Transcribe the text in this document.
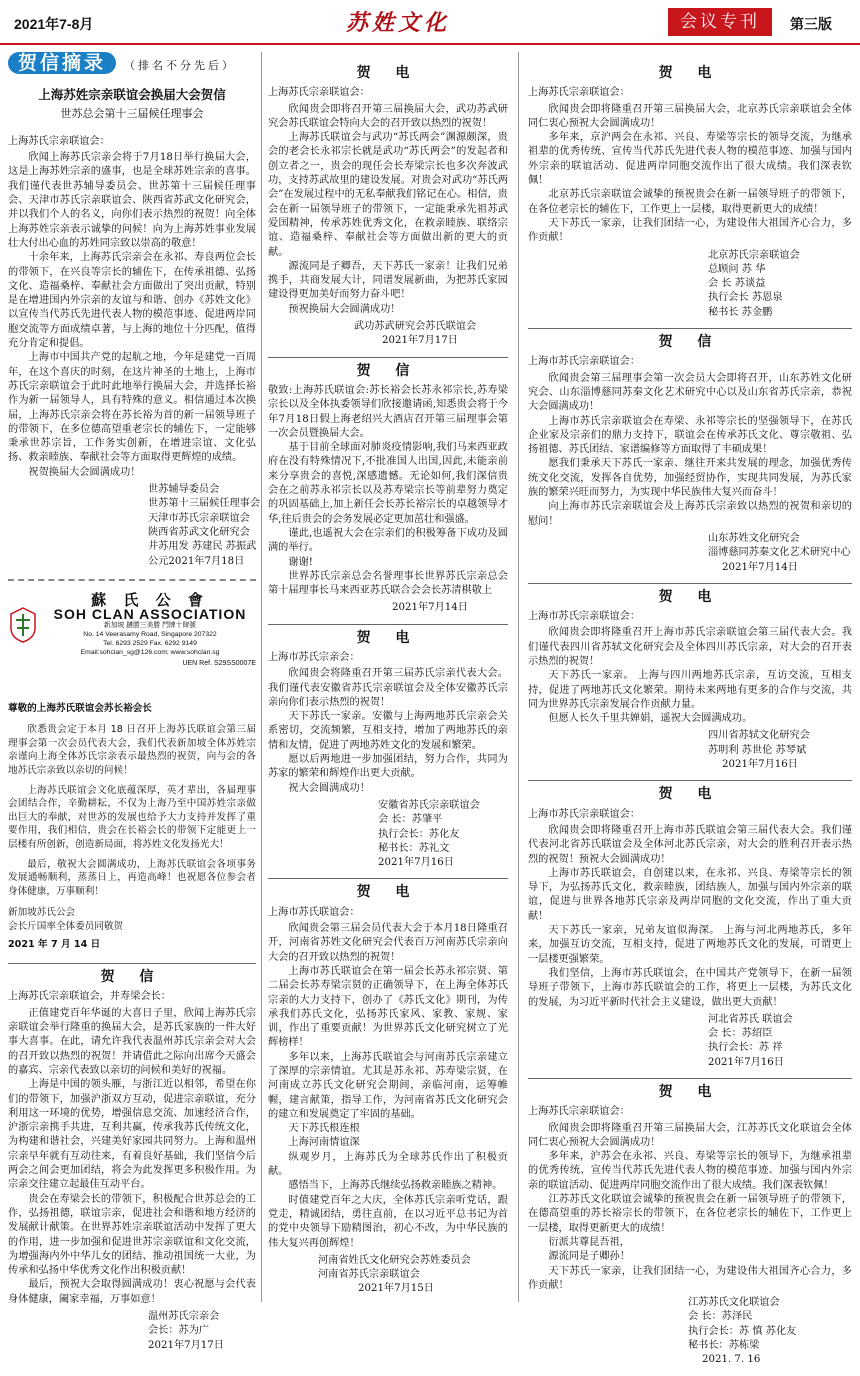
2021年7-8月	苏姓文化	会议专刊	第三版
贺信摘录 （排名不分先后）
上海苏姓宗亲联谊会换届大会贺信
世苏总会第十三届候任理事会
上海苏氏宗亲联谊会：

欣闻上海苏氏宗亲会将于7月18日举行换届大会，这是上海苏姓宗亲的盛事，也是全球苏姓宗亲的喜事。我们谨代表世苏辅导委员会、世苏第十三届候任理事会、天津市苏氏宗亲联谊会、陕西省苏武文化研究会，并以我们个人的名义，向你们表示热烈的祝贺！向全体上海苏姓宗亲表示诚挚的问候！向为上海苏姓事业发展壮大付出心血的苏姓同宗致以崇高的敬意！

十余年来，上海苏氏宗亲会在永祁、寿良两位会长的带领下，在兴良等宗长的辅佐下，在传承祖德、弘扬文化、造福桑梓、奉献社会方面做出了突出贡献，特别是在增进国内外宗亲的友谊与和谐、创办《苏姓文化》以宣传当代苏氏先进代表人物的模范事迹、促进两岸同胞交流等方面成绩卓著，与上海的地位十分匹配，值得充分肯定和提倡。

上海市中国共产党的起航之地，今年是建党一百周年，在这个喜庆的时刻，在这片神圣的土地上，上海市苏氏宗亲联谊会于此时此地举行换届大会，并选择长裕作为新一届领导人，具有特殊的意义。相信通过本次换届，上海苏氏宗亲会将在苏长裕为首的新一届领导班子的带领下，在多位德高望重老宗长的辅佐下，一定能够秉承世苏宗旨，工作务实创新，在增进宗谊、文化弘扬、救亲睦族、奉献社会等方面取得更辉煌的成绩。

祝贺换届大会圆满成功！

世苏辅导委员会
世苏第十三届候任理事会
天津市苏氏宗亲联谊会
陕西省苏武文化研究会
井苏用发 苏建民 苏振武
公元2021年7月18日
蘇 氏 公 會
SOH CLAN ASSOCIATION
新加坡 鏈勝三美勝 門牌十肆號
No. 14 Veerasamy Road, Singapore 207322
Tel. 6293 2529 Fax. 6292 9149
Email:sohclan_sg@126.com; www.sohclan.sg
UEN Ref. S29SS0007E
尊敬的上海苏氏联谊会苏长裕会长

欣悉贵会定于本月 18 日召开上海苏氏联谊会第三届理事会第一次会员代表大会，我们代表新加坡全体苏姓宗亲谨向上海全体苏氏宗亲表示最热烈的祝贺，向与会的各地苏氏宗亲致以亲切的问候！

上海苏氏联谊会文化底蕴深厚，英才辈出，各届理事会团结合作，辛勤耕耘，不仅为上海乃至中国苏姓宗亲做出巨大的奉献，对世苏的发展也给予大力支持并发挥了重要作用，我们相信，贵会在长裕会长的带领下定能更上一层楼有所创新，创造新局面，将苏姓文化发扬光大！

最后，敬祝大会圆满成功，上海苏氏联谊会各项事务发展通畅顺利，蒸蒸日上，再造高峰！也祝愿各位参会者身体健康，万事顺利！

新加坡苏氏公会
会长斤国率全体委员同敬贺
2021 年 7 月 14 日
贺 信
上海苏氏宗亲联谊会，并寿梁会长：

正值建党百年华诞的大喜日子里，欣闻上海苏氏宗亲联谊会举行隆重的换届大会，是苏氏家族的一件大好事大喜事。在此，请允许我代表温州苏氏宗亲会对大会的召开致以热烈的祝贺！并请借此之际向出席今天盛会的嘉宾、宗亲代表致以亲切的问候和美好的祝福。

上海是中国的领头雁，与浙江近以相邻，希望在你们的带领下，加强沪浙双方互动，促进宗亲联谊，充分利用这一环境的优势，增强信息交流、加速经济合作，沪浙宗亲携手共进，互利共赢，传承我苏氏传统文化，为构建和谐社会，兴建美好家园共同努力。上海和温州宗亲早年就有互动往来，有着良好基础，我们坚信今后两会之间会更加团结，将会为此发挥更多积极作用。为宗亲交往建立起最佳互动平台。

贵会在寿梁会长的带领下，积极配合世苏总会的工作，弘扬祖德，联谊宗亲，促进社会和谐和地方经济的发展献计献策。在世界苏姓宗亲联谊活动中发挥了更大的作用，进一步加强和促进世苏宗亲联谊和文化交流，为增强海内外中华儿女的团结、推动祖国统一大业，为传承和弘扬中华优秀文化作出积极贡献！

最后，预祝大会取得圆满成功！衷心祝愿与会代表身体健康，阖家幸福，万事如意！

温州苏氏宗亲会
会长：苏为广
2021年7月17日
贺 电
上海苏氏宗亲联谊会：

欣闻贵会即将召开第三届换届大会，武功苏武研究会苏氏联谊会特向大会的召开致以热烈的祝贺！

上海苏氏联谊会与武功“苏氏两会”渊源颇深，贵会的老会长永祁宗长就是武功“苏氏两会”的发起者和创立者之一，贵会的现任会长寿梁宗长也多次奔波武功，支持苏武故里的建设发展。对贵会对武功“苏氏两会”在发展过程中的无私奉献我们铭记在心。相信，贵会在新一届领导班子的带领下，一定能秉承先祖苏武爱国精神，传承苏姓优秀文化，在救亲睦族、联络宗谊、造福桑梓、奉献社会等方面做出新的更大的贡献。

源流同是子卿吾，天下苏氏一家亲！让我们兄弟携手，共商发展大计，同谱发展新曲，为把苏氏家园建设得更加美好而努力奋斗吧！

预祝换届大会圆满成功！

武功苏武研究会苏氏联谊会
2021年7月17日
贺 信

敬致:上海苏氏联谊会:苏长裕会长苏永祁宗长,苏寿梁宗长以及全体执委领导们欣接邀请函,知悉贵会将于今年7月18日假上海老绍兴大酒店召开第三届理事会第一次会员暨换届大会。

基于目前全球面对肺炎疫情影响,我们马来西亚政府在没有特殊情况下,不批准国人出国,因此,未能亲前来分享贵会的喜悦,深感遗憾。无论如何,我们深信贵会在之前苏永祁宗长以及苏寿梁宗长等前辈努力奠定的巩固基础上,加上新任会长苏长裕宗长的卓越领导才华,往后贵会的会务发展必定更加茁壮和强盛。

谨此,也遥祝大会在宗亲们的积极筹备下成功及圆满的举行。

谢谢!

世界苏氏宗亲总会名誉理事长世界苏氏宗亲总会第十届理事长马来西亚苏氏联合会会长苏清棋敬上

2021年7月14日
贺 电
上海市苏氏宗亲会：

欣闻贵会将隆重召开第三届苏氏宗亲代表大会。我们谨代表安徽省苏氏宗亲联谊会及全体安徽苏氏宗亲向你们表示热烈的祝贺！

天下苏氏一家亲。安徽与上海两地苏氏宗亲会关系密切，交流频繁，互相支持，增加了两地苏氏的亲情和友情，促进了两地苏姓文化的发展和繁荣。

愿以后两地进一步加强团结，努力合作，共同为苏家的繁荣和辉煌作出更大贡献。

祝大会圆满成功！

安徽省苏氏宗亲联谊会
会 长：苏肇平
执行会长：苏化友
秘书长：苏礼文
2021年7月16日
贺 电
上海市苏氏联谊会：

欣闻贵会第三届会员代表大会于本月18日隆重召开，河南省苏姓文化研究会代表百万河南苏氏宗亲向大会的召开致以热烈的祝贺！

上海市苏氏联谊会在第一届会长苏永祁宗贤、第二届会长苏寿梁宗贤的正确领导下，在上海全体苏氏宗亲的大力支持下，创办了《苏氏文化》期刊，为传承我们苏氏文化，弘扬苏氏家风、家教、家规、家训，作出了重要贡献！为世界苏氏文化研究树立了光辉榜样！

多年以来，上海苏氏联谊会与河南苏氏宗亲建立了深厚的宗亲情谊。尤其是苏永祁、苏寿梁宗贤，在河南成立苏氏文化研究会期间，亲临河南，运筹帷幄，建言献策，指导工作，为河南省苏氏文化研究会的建立和发展奠定了牢固的基础。

天下苏氏根连根

上海河南情谊深

纵观岁月，上海苏氏为全球苏氏作出了积极贡献。

感悟当下，上海苏氏继续弘扬救亲睦族之精神。

时值建党百年之大庆，全体苏氏宗亲听党话，跟党走，精诚团结，勇往直前，在以习近平总书记为首的党中央领导下励精图治，初心不改，为中华民族的伟大复兴再创辉煌！

河南省姓氏文化研究会苏姓委员会
河南省苏氏宗亲联谊会
2021年7月15日
贺 电
上海苏氏宗亲联谊会：

欣闻贵会即将隆重召开第三届换届大会，北京苏氏宗亲联谊会全体同仁衷心预祝大会圆满成功！

多年来，京沪两会在永祁、兴良、寿梁等宗长的领导交流，为继承祖辈的优秀传统、宣传当代苏氏先进代表人物的模范事迹、加强与国内外宗亲的联谊活动、促进两岸同胞交流作出了很大成绩。我们深表钦佩！

北京苏氏宗亲联谊会诚挚的预祝贵会在新一届领导班子的带领下，在各位老宗长的辅佐下，工作更上一层楼，取得更新更大的成绩！

天下苏氏一家亲，让我们团结一心，为建设伟大祖国齐心合力，多作贡献！

北京苏氏宗亲联谊会
总顾问 苏 华
会 长 苏谈益
执行会长 苏恩泉
秘书长 苏金鹏
贺 信
上海市苏氏宗亲联谊会：

欣闻贵会第三届理事会第一次会员大会即将召开，山东苏姓文化研究会、山东淄博慈同苏秦文化艺术研究中心以及山东省苏氏宗亲，恭祝大会圆满成功！

上海市苏氏宗亲联谊会在寿梁、永祁等宗长的坚强领导下，在苏氏企业家及宗亲们的鼎力支持下，联谊会在传承苏氏文化、尊宗敬祖、弘扬祖德、苏氏团结、家谱编修等方面取得了丰硕成果！

愿我们秉承天下苏氏一家亲、继往开来共发展的理念，加强优秀传统文化交流，发挥各自优势，加强经贸协作，实现共同发展，为苏氏家族的繁荣兴旺而努力，为实现中华民族伟大复兴而奋斗！

向上海市苏氏宗亲联谊会及上海苏氏宗亲致以热烈的祝贺和亲切的慰问！

山东苏姓文化研究会
淄博慈同苏秦文化艺术研究中心
2021年7月14日
贺 电
上海市苏氏宗亲联谊会：

欣闻贵会即将隆重召开上海市苏氏宗亲联谊会第三届代表大会。我们谨代表四川省苏轼文化研究会及全体四川苏氏宗亲，对大会的召开表示热烈的祝贺！

天下苏氏一家亲。 上海与四川两地苏氏宗亲，互访交流，互相支持，促进了两地苏氏文化繁荣。期待未来两地有更多的合作与交流，共同为世界苏氏宗亲发展合作贡献力量。

但愿人长久千里共婵娟，遥祝大会圆满成功。

四川省苏轼文化研究会
苏明利 苏世伦 苏琴斌
2021年7月16日
贺 电
上海市苏氏宗亲联谊会：

欣闻贵会即将隆重召开上海市苏氏联谊会第三届代表大会。我们谨代表河北省苏氏联谊会及全体河北苏氏宗亲，对大会的胜利召开表示热烈的祝贺！预祝大会圆满成功！

上海市苏氏联谊会，自创建以来，在永祁、兴良、寿梁等宗长的领导下，为弘扬苏氏文化，救亲睦族，团结族人，加强与国内外宗亲的联谊，促进与世界各地苏氏宗亲及两岸同胞的文化交流，作出了重大贡献！

天下苏氏一家亲，兄弟友谊似海深。 上海与河北两地苏氏，多年来，加强互访交流，互相支持，促进了两地苏氏文化的发展，可谓更上一层楼更强繁荣。

我们坚信，上海市苏氏联谊会，在中国共产党领导下，在新一届领导班子带领下，上海市苏氏联谊会的工作，将更上一层楼，为苏氏文化的发展，为习近平新时代社会主义建设，做出更大贡献！

河北省苏氏 联谊会
会 长：苏绍臣
执行会长：苏 祥
2021年7月16日
贺 电
上海苏氏宗亲联谊会：

欣闻贵会即将隆重召开第三届换届大会，江苏苏氏文化联谊会全体同仁衷心预祝大会圆满成功！

多年来，沪苏会在永祁、兴良、寿梁等宗长的领导下，为继承祖辈的优秀传统、宣传当代苏氏先进代表人物的模范事迹、加强与国内外宗亲的联谊活动、促进两岸同胞交流作出了很大成绩。我们深表钦佩！

江苏苏氏文化联谊会诚挚的预祝贵会在新一届领导班子的带领下，在德高望重的苏长裕宗长的带领下，在各位老宗长的辅佐下，工作更上一层楼，取得更新更大的成绩！

衍派共尊昆吾祖，

源流同是子卿孙！

天下苏氏一家亲，让我们团结一心，为建设伟大祖国齐心合力，多作贡献！

江苏苏氏文化联谊会
会 长：苏泽民
执行会长：苏 慎 苏化友
秘书长：苏栋梁
2021. 7. 16
